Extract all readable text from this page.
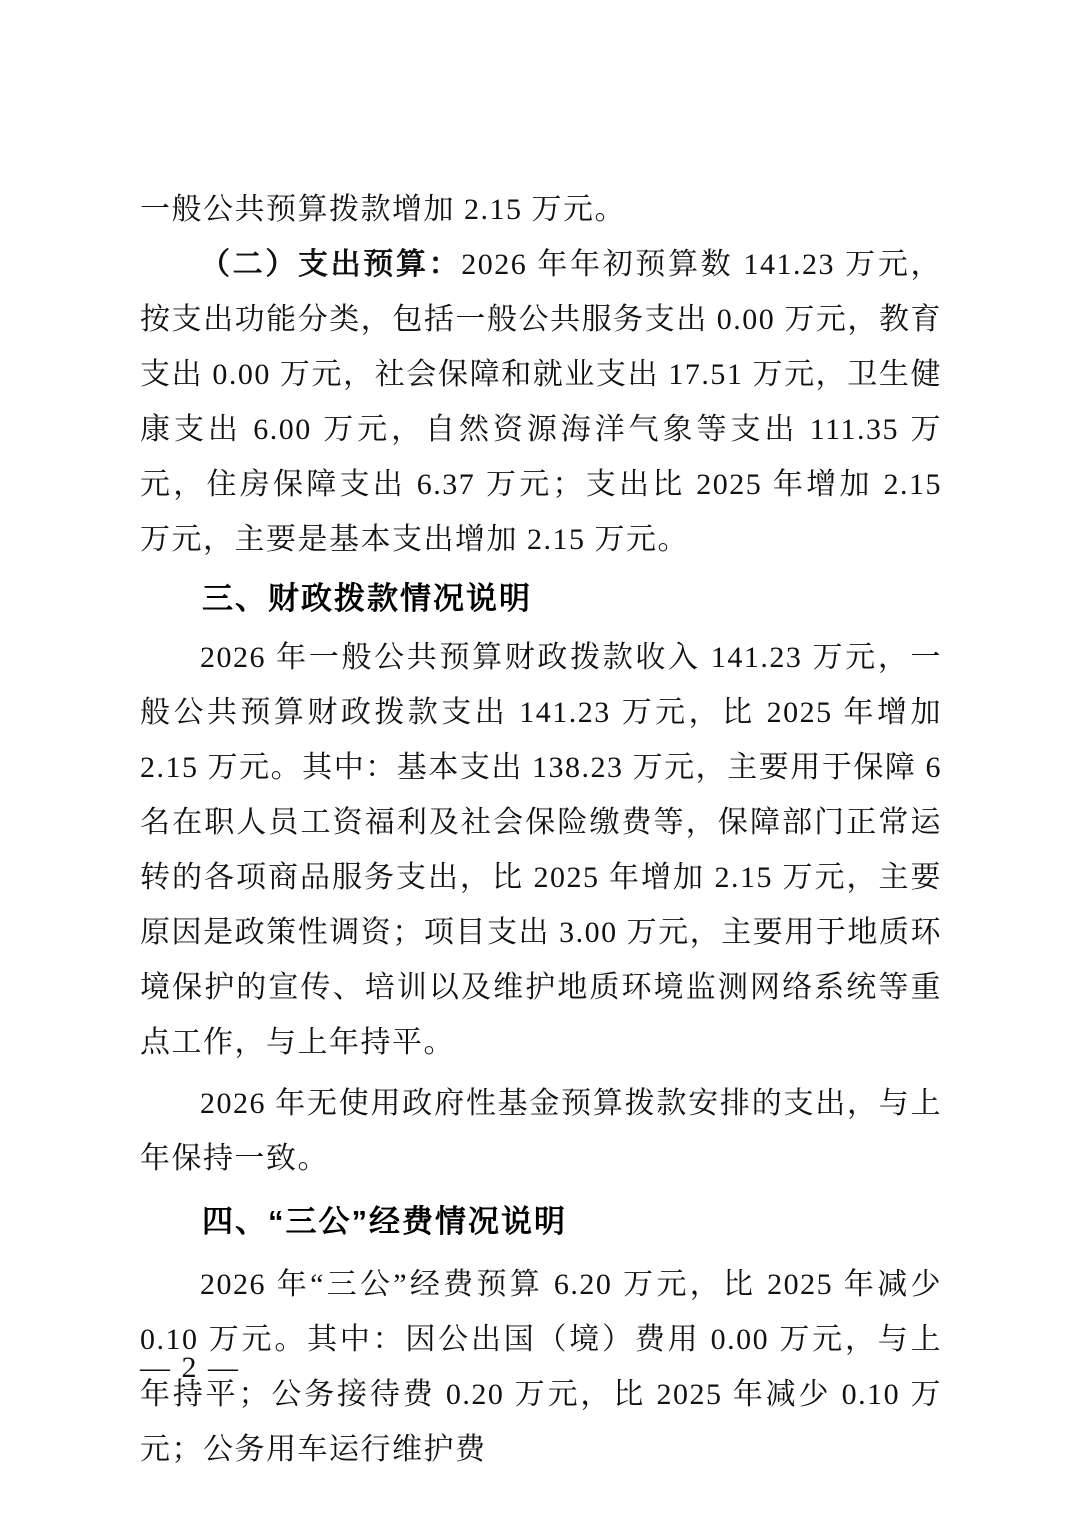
一般公共预算拨款增加 2.15 万元。

（二）支出预算：2026 年年初预算数 141.23 万元，按支出功能分类，包括一般公共服务支出 0.00 万元，教育支出 0.00 万元，社会保障和就业支出 17.51 万元，卫生健康支出 6.00 万元，自然资源海洋气象等支出 111.35 万元，住房保障支出 6.37 万元；支出比 2025 年增加 2.15 万元，主要是基本支出增加 2.15 万元。

三、财政拨款情况说明

2026 年一般公共预算财政拨款收入 141.23 万元，一般公共预算财政拨款支出 141.23 万元，比 2025 年增加 2.15 万元。其中：基本支出 138.23 万元，主要用于保障 6 名在职人员工资福利及社会保险缴费等，保障部门正常运转的各项商品服务支出，比 2025 年增加 2.15 万元，主要原因是政策性调资；项目支出 3.00 万元，主要用于地质环境保护的宣传、培训以及维护地质环境监测网络系统等重点工作，与上年持平。

2026 年无使用政府性基金预算拨款安排的支出，与上年保持一致。

四、“三公”经费情况说明

2026 年“三公”经费预算 6.20 万元，比 2025 年减少 0.10 万元。其中：因公出国（境）费用 0.00 万元，与上年持平；公务接待费 0.20 万元，比 2025 年减少 0.10 万元；公务用车运行维护费

— 2 —
